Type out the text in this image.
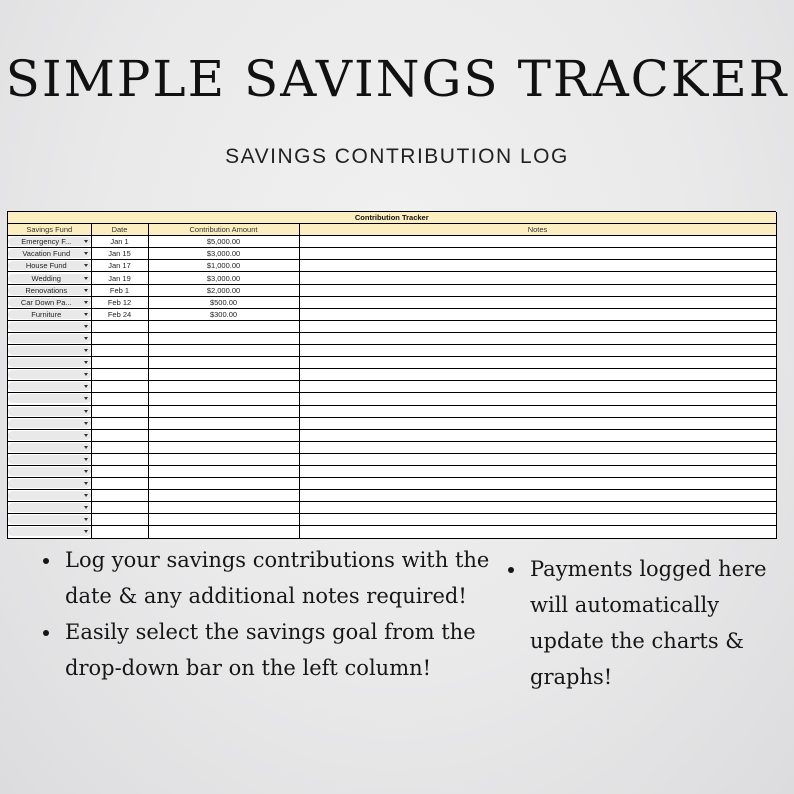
SIMPLE SAVINGS TRACKER
SAVINGS CONTRIBUTION LOG
Contribution Tracker			
Savings Fund	Date	Contribution Amount	Notes

Emergency F...	Jan 1	$5,000.00	

Vacation Fund	Jan 15	$3,000.00	

House Fund	Jan 17	$1,000.00	

Wedding	Jan 19	$3,000.00	

Renovations	Feb 1	$2,000.00	

Car Down Pa...	Feb 12	$500.00	

Furniture	Feb 24	$300.00	

• Log your savings contributions with the date & any additional notes required!
• Easily select the savings goal from the drop-down bar on the left column!
• Payments logged here will automatically update the charts & graphs!
